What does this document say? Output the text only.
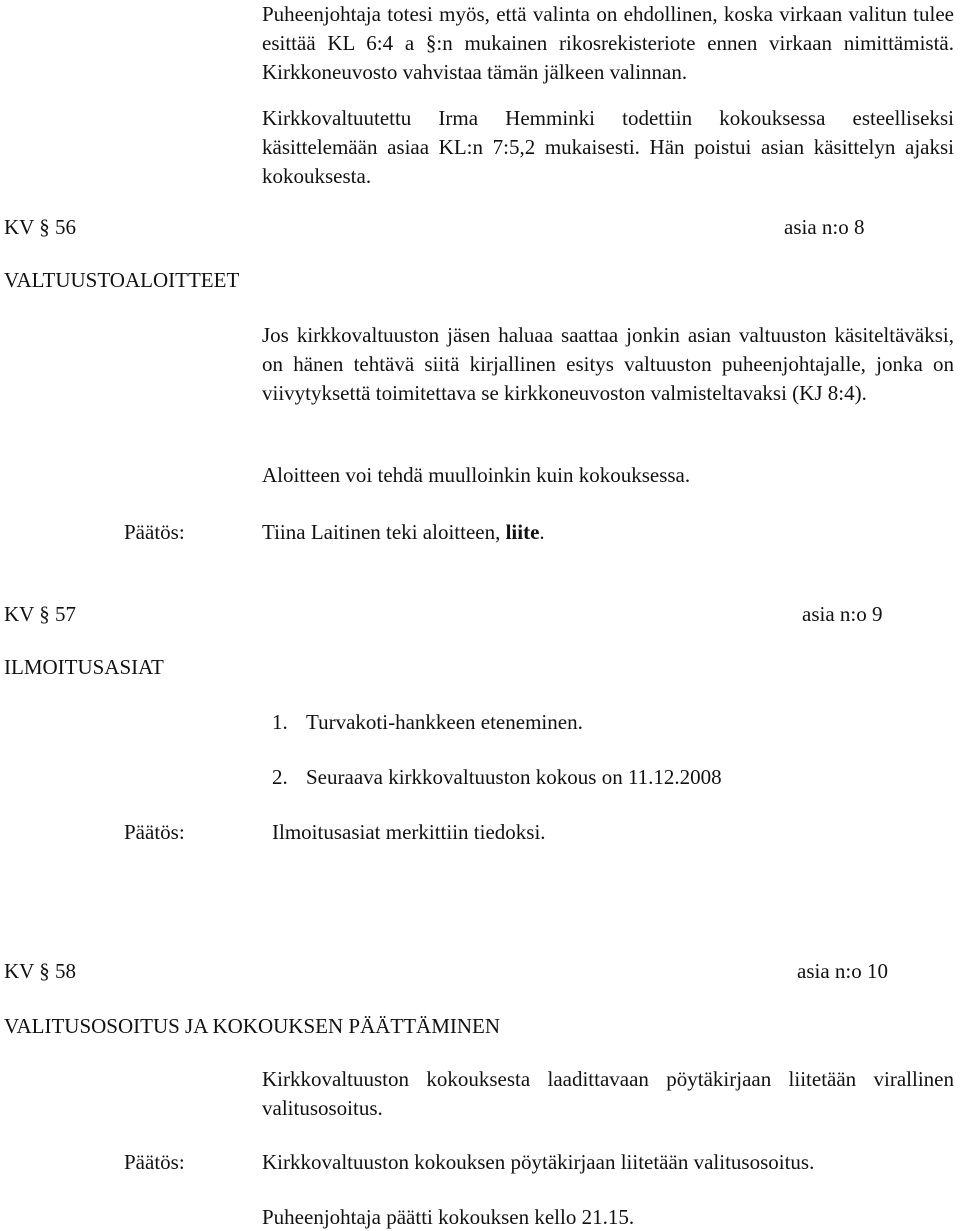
Puheenjohtaja totesi myös, että valinta on ehdollinen, koska virkaan valitun tulee esittää KL 6:4 a §:n mukainen rikosrekisteriote ennen virkaan nimittämistä. Kirkkoneuvosto vahvistaa tämän jälkeen valinnan.
Kirkkovaltuutettu Irma Hemminki todettiin kokouksessa esteelliseksi käsittelemään asiaa KL:n 7:5,2 mukaisesti. Hän poistui asian käsittelyn ajaksi kokouksesta.
KV § 56	asia n:o 8
VALTUUSTOALOITTEET
Jos kirkkovaltuuston jäsen haluaa saattaa jonkin asian valtuuston käsiteltäväksi, on hänen tehtävä siitä kirjallinen esitys valtuuston puheenjohtajalle, jonka on viivytyksettä toimitettava se kirkkoneuvoston valmisteltavaksi (KJ 8:4).
Aloitteen voi tehdä muulloinkin kuin kokouksessa.
Päätös:	Tiina Laitinen teki aloitteen, liite.
KV § 57	asia n:o 9
ILMOITUSASIAT
1. Turvakoti-hankkeen eteneminen.
2. Seuraava kirkkovaltuuston kokous on 11.12.2008
Päätös:	Ilmoitusasiat merkittiin tiedoksi.
KV § 58	asia n:o 10
VALITUSOSOITUS JA KOKOUKSEN PÄÄTTÄMINEN
Kirkkovaltuuston kokouksesta laadittavaan pöytäkirjaan liitetään virallinen valitusosoitus.
Päätös:	Kirkkovaltuuston kokouksen pöytäkirjaan liitetään valitusosoitus.
Puheenjohtaja päätti kokouksen kello 21.15.
